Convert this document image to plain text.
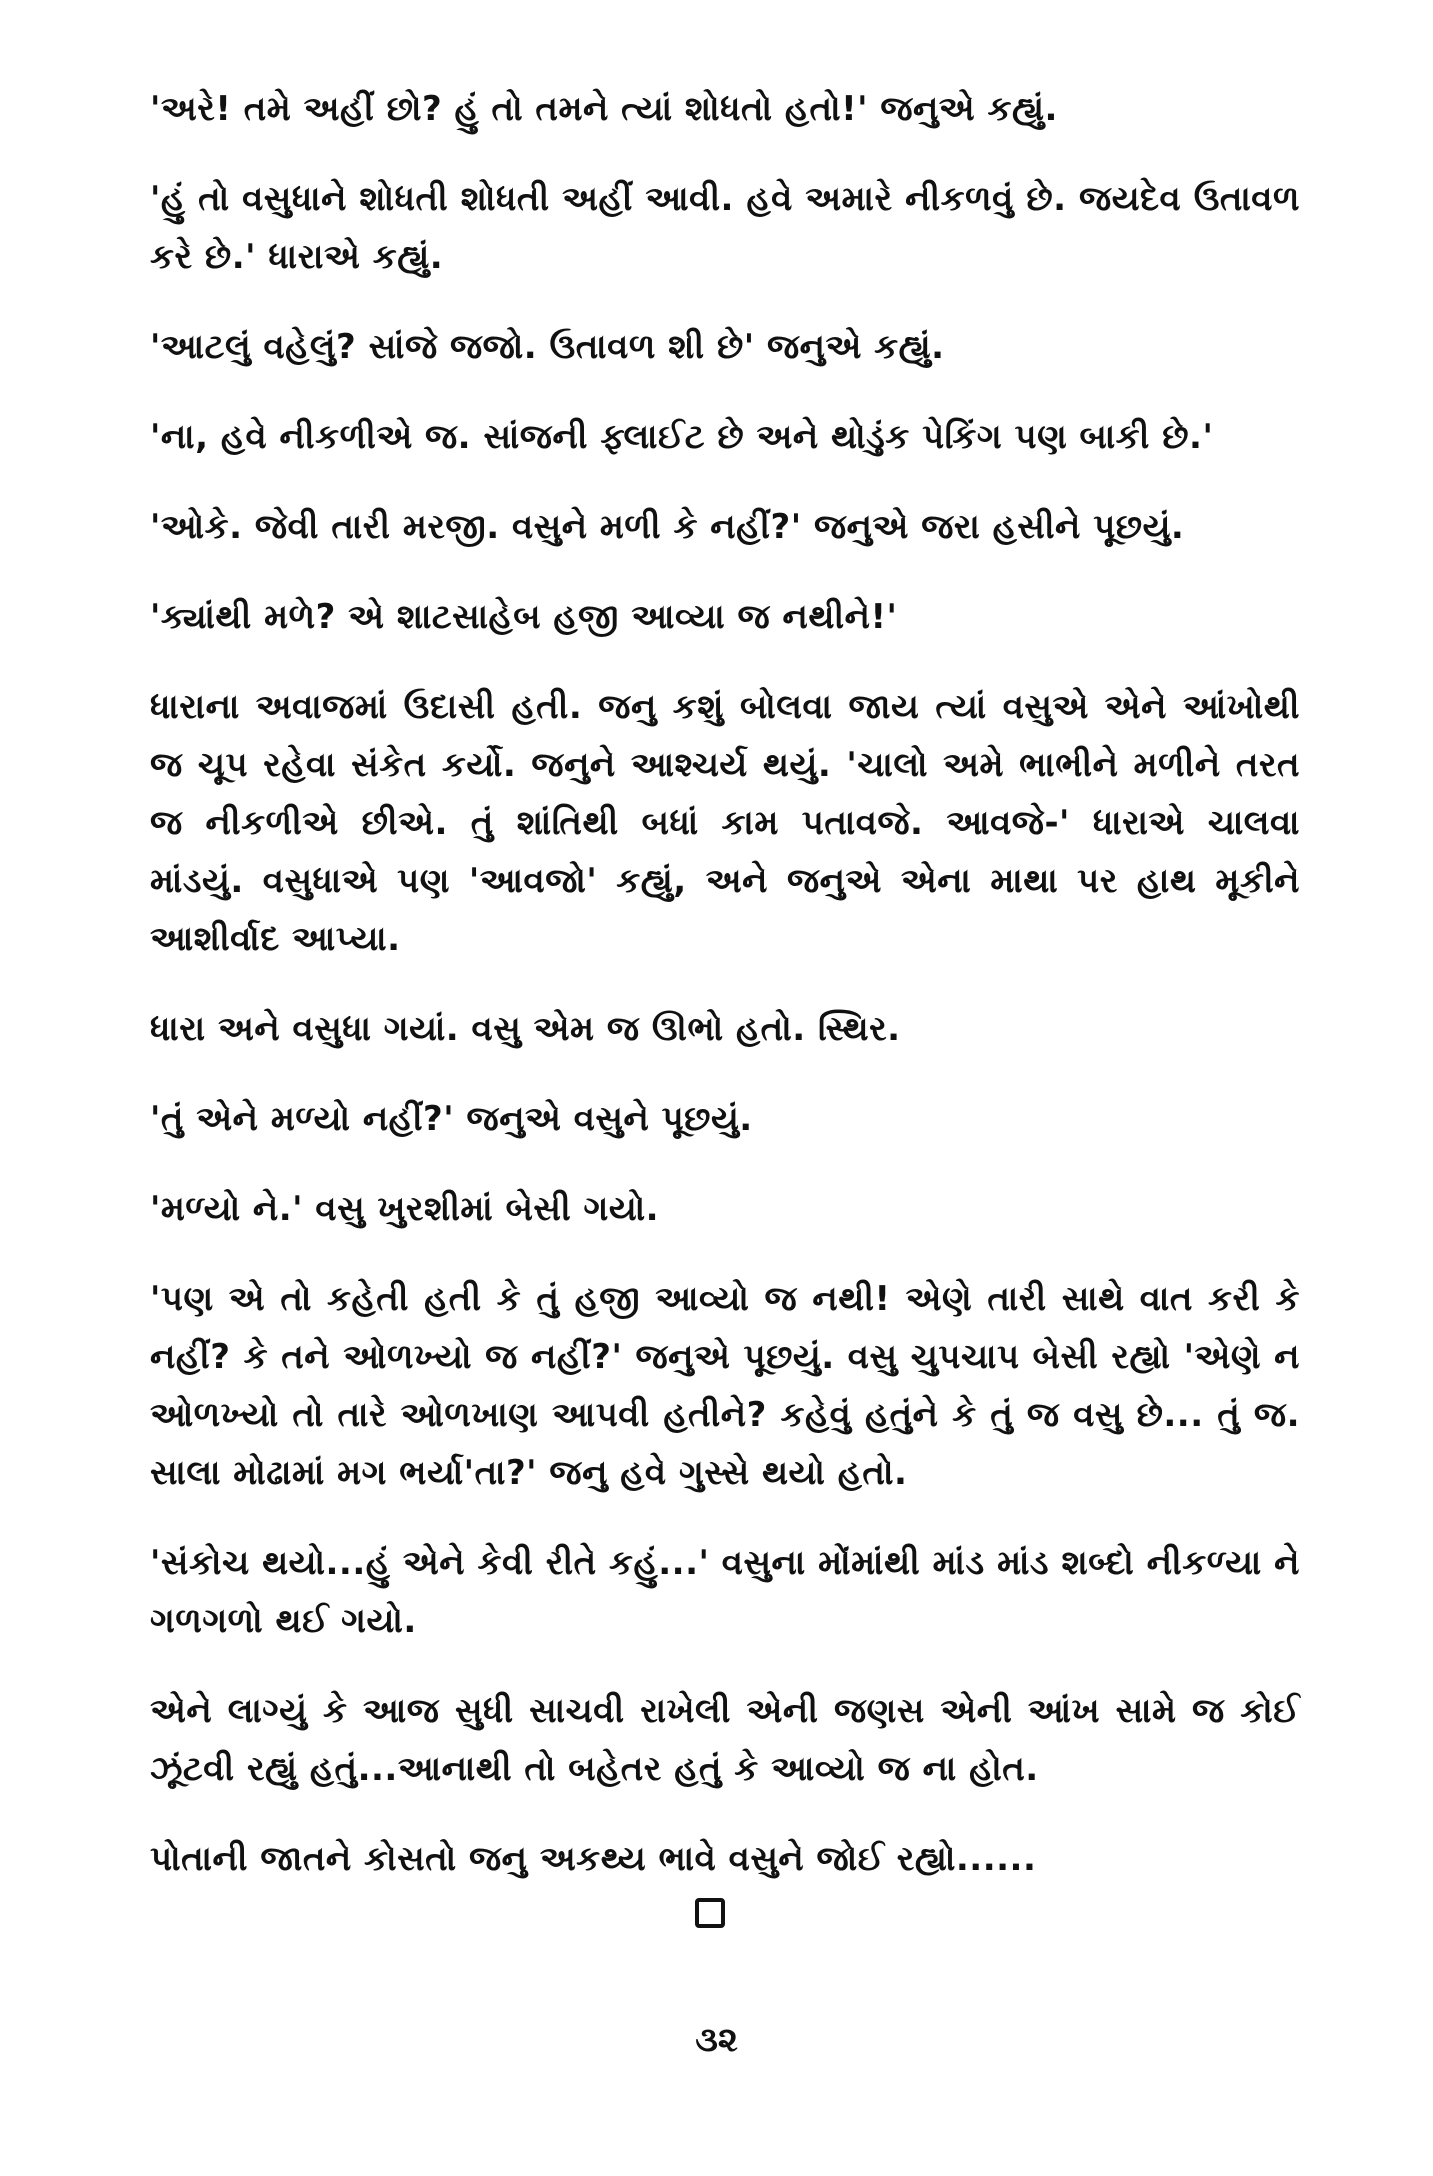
'અરે! તમે અહીં છો? હું તો તમને ત્યાં શોધતો હતો!' જનુએ કહ્યું.

'હું તો વસુધાને શોધતી શોધતી અહીં આવી. હવે અમારે નીકળવું છે. જયદેવ ઉતાવળ કરે છે.' ધારાએ કહ્યું.

'આટલું વહેલું? સાંજે જજો. ઉતાવળ શી છે' જનુએ કહ્યું.

'ના, હવે નીકળીએ જ. સાંજની ફ્લાઈટ છે અને થોડુંક પેકિંગ પણ બાકી છે.'

'ઓકે. જેવી તારી મરજી. વસુને મળી કે નહીં?' જનુએ જરા હસીને પૂછયું.

'ક્યાંથી મળે? એ શાટસાહેબ હજી આવ્યા જ નથીને!'

ધારાના અવાજમાં ઉદાસી હતી. જનુ કશું બોલવા જાય ત્યાં વસુએ એને આંખોથી જ ચૂપ રહેવા સંકેત કર્યો. જનુને આશ્ચર્ય થયું. 'ચાલો અમે ભાભીને મળીને તરત જ નીકળીએ છીએ. તું શાંતિથી બધાં કામ પતાવજે. આવજે-' ધારાએ ચાલવા માંડયું. વસુધાએ પણ 'આવજો' કહ્યું, અને જનુએ એના માથા પર હાથ મૂકીને આશીર્વાદ આપ્યા.

ધારા અને વસુધા ગયાં. વસુ એમ જ ઊભો હતો. સ્થિર.

'તું એને મળ્યો નહીં?' જનુએ વસુને પૂછયું.

'મળ્યો ને.' વસુ ખુરશીમાં બેસી ગયો.

'પણ એ તો કહેતી હતી કે તું હજી આવ્યો જ નથી! એણે તારી સાથે વાત કરી કે નહીં? કે તને ઓળખ્યો જ નહીં?' જનુએ પૂછયું. વસુ ચુપચાપ બેસી રહ્યો 'એણે ન ઓળખ્યો તો તારે ઓળખાણ આપવી હતીને? કહેવું હતુંને કે તું જ વસુ છે... તું જ. સાલા મોઢામાં મગ ભર્યા'તા?' જનુ હવે ગુસ્સે થયો હતો.

'સંકોચ થયો...હું એને કેવી રીતે કહું...' વસુના મોંમાંથી માંડ માંડ શબ્દો નીકળ્યા ને ગળગળો થઈ ગયો.

એને લાગ્યું કે આજ સુધી સાચવી રાખેલી એની જણસ એની આંખ સામે જ કોઈ ઝૂંટવી રહ્યું હતું...આનાથી તો બહેતર હતું કે આવ્યો જ ના હોત.

પોતાની જાતને કોસતો જનુ અકથ્ય ભાવે વસુને જોઈ રહ્યો......

૩૨
